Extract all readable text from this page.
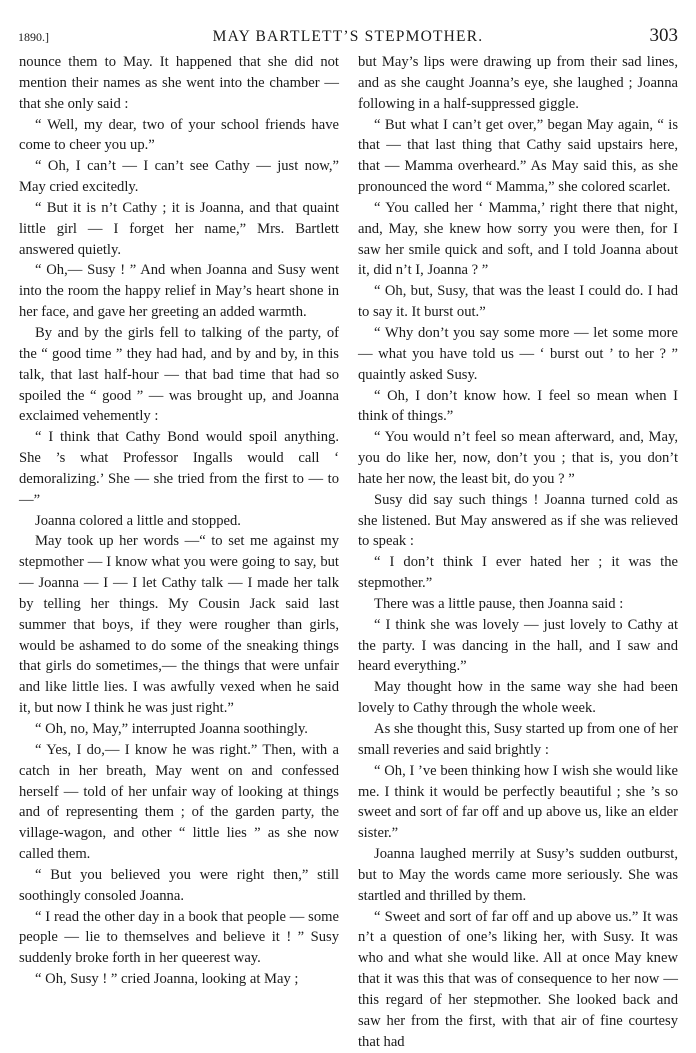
1890.]	MAY BARTLETT’S STEPMOTHER.	303

nounce them to May. It happened that she did not mention their names as she went into the chamber — that she only said :

“ Well, my dear, two of your school friends have come to cheer you up.”

“ Oh, I can’t — I can’t see Cathy — just now,” May cried excitedly.

“ But it is n’t Cathy ; it is Joanna, and that quaint little girl — I forget her name,” Mrs. Bartlett answered quietly.

“ Oh,— Susy ! ” And when Joanna and Susy went into the room the happy relief in May’s heart shone in her face, and gave her greeting an added warmth.

By and by the girls fell to talking of the party, of the “ good time ” they had had, and by and by, in this talk, that last half-hour — that bad time that had so spoiled the “ good ” — was brought up, and Joanna exclaimed vehemently :

“ I think that Cathy Bond would spoil anything. She ’s what Professor Ingalls would call ‘ demoralizing.’ She — she tried from the first to — to —”

Joanna colored a little and stopped.

May took up her words —“ to set me against my stepmother — I know what you were going to say, but — Joanna — I — I let Cathy talk — I made her talk by telling her things. My Cousin Jack said last summer that boys, if they were rougher than girls, would be ashamed to do some of the sneaking things that girls do sometimes,— the things that were unfair and like little lies. I was awfully vexed when he said it, but now I think he was just right.”

“ Oh, no, May,” interrupted Joanna soothingly.

“ Yes, I do,— I know he was right.” Then, with a catch in her breath, May went on and confessed herself — told of her unfair way of looking at things and of representing them ; of the garden party, the village-wagon, and other “ little lies ” as she now called them.

“ But you believed you were right then,” still soothingly consoled Joanna.

“ I read the other day in a book that people — some people — lie to themselves and believe it ! ” Susy suddenly broke forth in her queerest way.

“ Oh, Susy ! ” cried Joanna, looking at May ;

but May’s lips were drawing up from their sad lines, and as she caught Joanna’s eye, she laughed ; Joanna following in a half-suppressed giggle.

“ But what I can’t get over,” began May again, “ is that — that last thing that Cathy said upstairs here, that — Mamma overheard.” As May said this, as she pronounced the word “ Mamma,” she colored scarlet.

“ You called her ‘ Mamma,’ right there that night, and, May, she knew how sorry you were then, for I saw her smile quick and soft, and I told Joanna about it, did n’t I, Joanna ? ”

“ Oh, but, Susy, that was the least I could do. I had to say it. It burst out.”

“ Why don’t you say some more — let some more — what you have told us — ‘ burst out ’ to her ? ” quaintly asked Susy.

“ Oh, I don’t know how. I feel so mean when I think of things.”

“ You would n’t feel so mean afterward, and, May, you do like her, now, don’t you ; that is, you don’t hate her now, the least bit, do you ? ”

Susy did say such things ! Joanna turned cold as she listened. But May answered as if she was relieved to speak :

“ I don’t think I ever hated her ; it was the stepmother.”

There was a little pause, then Joanna said :

“ I think she was lovely — just lovely to Cathy at the party. I was dancing in the hall, and I saw and heard everything.”

May thought how in the same way she had been lovely to Cathy through the whole week.

As she thought this, Susy started up from one of her small reveries and said brightly :

“ Oh, I ’ve been thinking how I wish she would like me. I think it would be perfectly beautiful ; she ’s so sweet and sort of far off and up above us, like an elder sister.”

Joanna laughed merrily at Susy’s sudden outburst, but to May the words came more seriously. She was startled and thrilled by them.

“ Sweet and sort of far off and up above us.” It was n’t a question of one’s liking her, with Susy. It was who and what she would like. All at once May knew that it was this that was of consequence to her now — this regard of her stepmother. She looked back and saw her from the first, with that air of fine courtesy that had
